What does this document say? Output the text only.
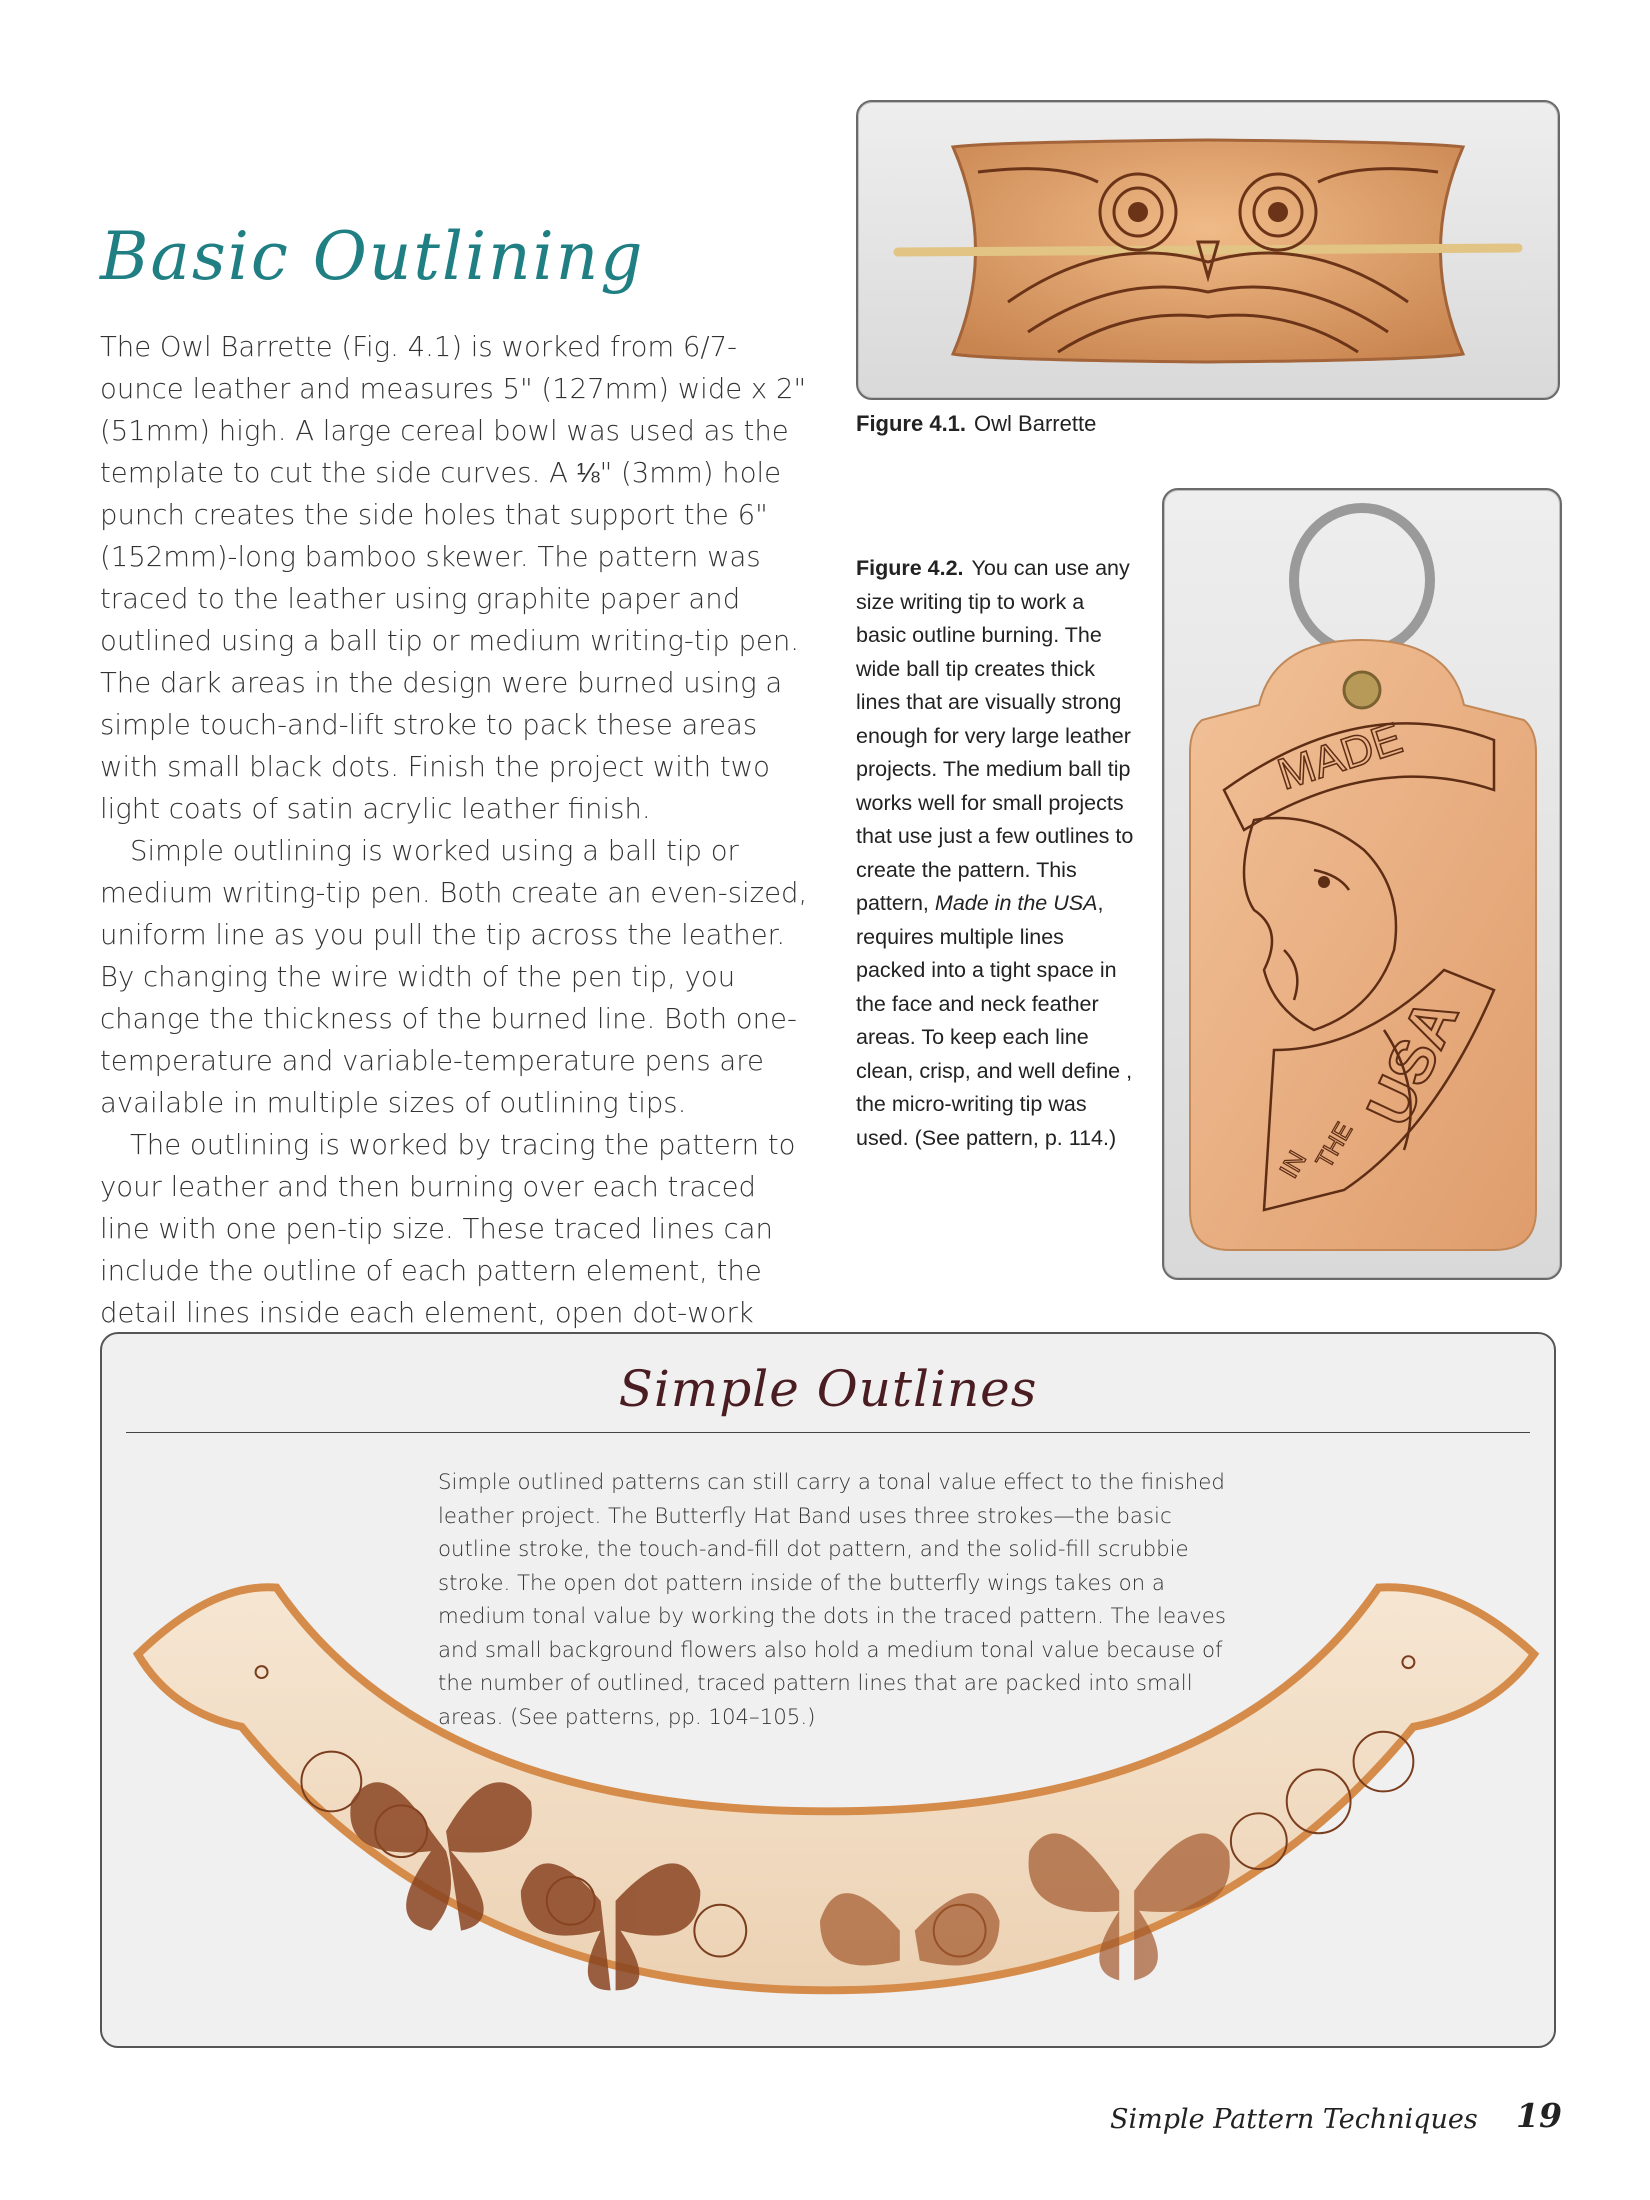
Basic Outlining

The Owl Barrette (Fig. 4.1) is worked from 6/7-ounce leather and measures 5" (127mm) wide x 2" (51mm) high. A large cereal bowl was used as the template to cut the side curves. A ⅛" (3mm) hole punch creates the side holes that support the 6" (152mm)-long bamboo skewer. The pattern was traced to the leather using graphite paper and outlined using a ball tip or medium writing-tip pen. The dark areas in the design were burned using a simple touch-and-lift stroke to pack these areas with small black dots. Finish the project with two light coats of satin acrylic leather finish.

Simple outlining is worked using a ball tip or medium writing-tip pen. Both create an even-sized, uniform line as you pull the tip across the leather. By changing the wire width of the pen tip, you change the thickness of the burned line. Both one-temperature and variable-temperature pens are available in multiple sizes of outlining tips.

The outlining is worked by tracing the pattern to your leather and then burning over each traced line with one pen-tip size. These traced lines can include the outline of each pattern element, the detail lines inside each element, open dot-work

Figure 4.1. Owl Barrette
MADE
IN
THE
USA
Figure 4.2. You can use any size writing tip to work a basic outline burning. The wide ball tip creates thick lines that are visually strong enough for very large leather projects. The medium ball tip works well for small projects that use just a few outlines to create the pattern. This pattern, Made in the USA, requires multiple lines packed into a tight space in the face and neck feather areas. To keep each line clean, crisp, and well define , the micro-writing tip was used. (See pattern, p. 114.)
Simple Outlines
Simple outlined patterns can still carry a tonal value effect to the finished leather project. The Butterfly Hat Band uses three strokes—the basic outline stroke, the touch-and-fill dot pattern, and the solid-fill scrubbie stroke. The open dot pattern inside of the butterfly wings takes on a medium tonal value by working the dots in the traced pattern. The leaves and small background flowers also hold a medium tonal value because of the number of outlined, traced pattern lines that are packed into small areas. (See patterns, pp. 104–105.)
Simple Pattern Techniques 19
